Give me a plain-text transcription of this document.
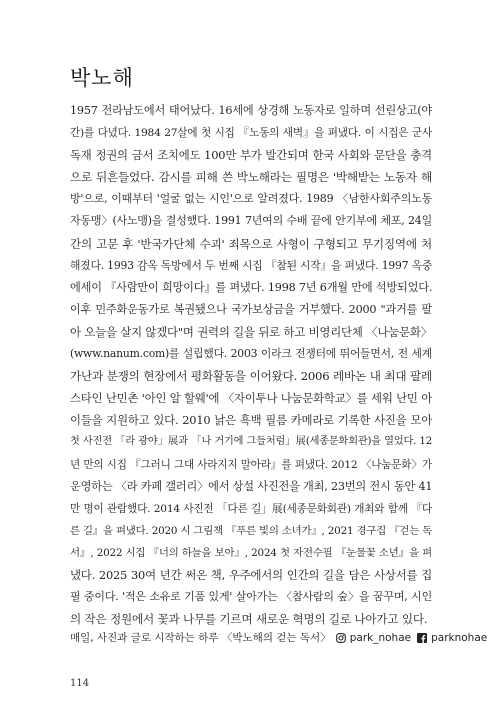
박노해
1957 전라남도에서 태어났다. 16세에 상경해 노동자로 일하며 선린상고(야
간)를 다녔다. 1984 27살에 첫 시집 『노동의 새벽』을 펴냈다. 이 시집은 군사
독재 정권의 금서 조치에도 100만 부가 발간되며 한국 사회와 문단을 충격
으로 뒤흔들었다. 감시를 피해 쓴 박노해라는 필명은 '박해받는 노동자 해
방'으로, 이때부터 '얼굴 없는 시인'으로 알려졌다. 1989 〈남한사회주의노동
자동맹〉(사노맹)을 결성했다. 1991 7년여의 수배 끝에 안기부에 체포, 24일
간의 고문 후 '반국가단체 수괴' 죄목으로 사형이 구형되고 무기징역에 처
해졌다. 1993 감옥 독방에서 두 번째 시집 『참된 시작』을 펴냈다. 1997 옥중
에세이 『사람만이 희망이다』를 펴냈다. 1998 7년 6개월 만에 석방되었다.
이후 민주화운동가로 복권됐으나 국가보상금을 거부했다. 2000 "과거를 팔
아 오늘을 살지 않겠다"며 권력의 길을 뒤로 하고 비영리단체 〈나눔문화〉
(www.nanum.com)를 설립했다. 2003 이라크 전쟁터에 뛰어들면서, 전 세계
가난과 분쟁의 현장에서 평화활동을 이어왔다. 2006 레바논 내 최대 팔레
스타인 난민촌 '아인 알 할웨'에 〈자이투나 나눔문화학교〉를 세워 난민 아
이들을 지원하고 있다. 2010 낡은 흑백 필름 카메라로 기록한 사진을 모아
첫 사진전 「라 광야」展과 「나 거기에 그들처럼」展(세종문화회관)을 열었다. 12
년 만의 시집 『그러니 그대 사라지지 말아라』를 펴냈다. 2012 〈나눔문화〉가
운영하는 〈라 카페 갤러리〉에서 상설 사진전을 개최, 23번의 전시 동안 41
만 명이 관람했다. 2014 사진전 「다른 길」展(세종문화회관) 개최와 함께 『다
른 길』을 펴냈다. 2020 시 그림책 『푸른 빛의 소녀가』, 2021 경구집 『걷는 독
서』, 2022 시집 『너의 하늘을 보아』, 2024 첫 자전수필 『눈물꽃 소년』을 펴
냈다. 2025 30여 년간 써온 책, 우주에서의 인간의 길을 담은 사상서를 집
필 중이다. '적은 소유로 기품 있게' 살아가는 〈참사람의 숲〉을 꿈꾸며, 시인
의 작은 정원에서 꽃과 나무를 기르며 새로운 혁명의 길로 나아가고 있다.
매일, 사진과 글로 시작하는 하루 〈박노해의 걷는 독서〉 park_nohae parknohae
114
